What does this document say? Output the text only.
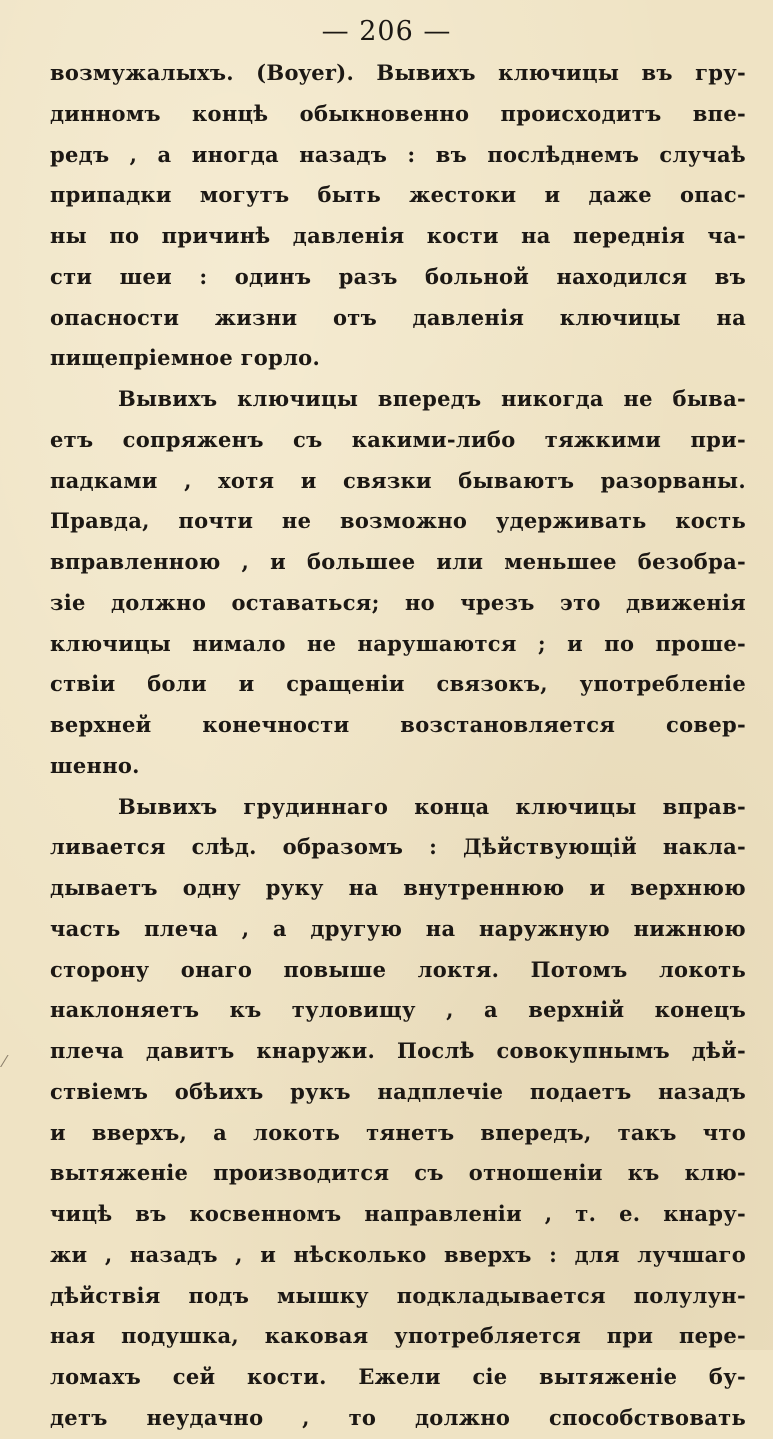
— 206 —
возмужалыхъ. (Boyer). Вывихъ ключицы въ гру-
динномъ концѣ обыкновенно происходитъ впе-
редъ , а иногда назадъ : въ послѣднемъ случаѣ
припадки могутъ быть жестоки и даже опас-
ны по причинѣ давленія кости на переднія ча-
сти шеи : одинъ разъ больной находился въ
опасности жизни отъ давленія ключицы на
пищепріемное горло.
Вывихъ ключицы впередъ никогда не быва-
етъ сопряженъ съ какими-либо тяжкими при-
падками , хотя и связки бываютъ разорваны.
Правда, почти не возможно удерживать кость
вправленною , и большее или меньшее безобра-
зіе должно оставаться; но чрезъ это движенія
ключицы нимало не нарушаются ; и по проше-
ствіи боли и сращеніи связокъ, употребленіе
верхней конечности возстановляется совер-
шенно.
Вывихъ грудиннаго конца ключицы вправ-
ливается слѣд. образомъ : Дѣйствующій накла-
дываетъ одну руку на внутреннюю и верхнюю
часть плеча , а другую на наружную нижнюю
сторону онаго повыше локтя. Потомъ локоть
наклоняетъ къ туловищу , а верхній конецъ
плеча давитъ кнаружи. Послѣ совокупнымъ дѣй-
ствіемъ обѣихъ рукъ надплечіе подаетъ назадъ
и вверхъ, а локоть тянетъ впередъ, такъ что
вытяженіе производится съ отношеніи къ клю-
чицѣ въ косвенномъ направленіи , т. е. кнару-
жи , назадъ , и нѣсколько вверхъ : для лучшаго
дѣйствія подъ мышку подкладывается полулун-
ная подушка, каковая употребляется при пере-
ломахъ сей кости. Ежели сіе вытяженіе бу-
детъ неудачно , то должно способствовать
⁄
